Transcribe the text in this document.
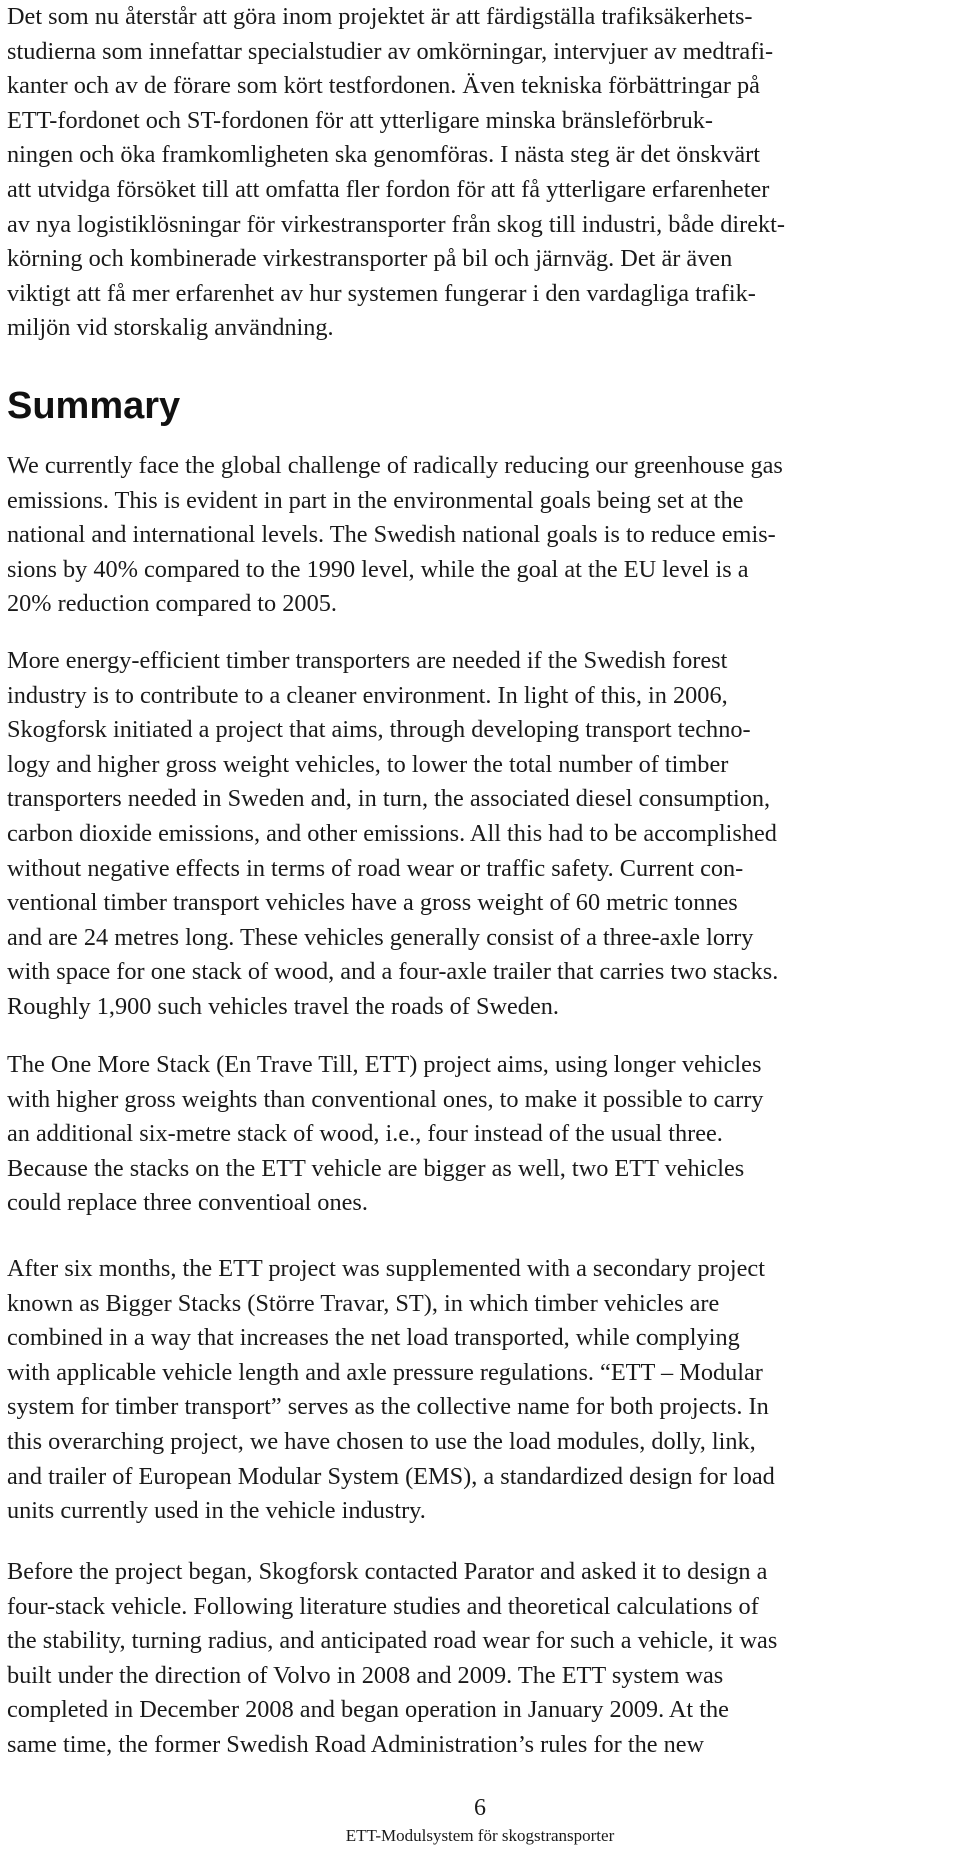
Det som nu återstår att göra inom projektet är att färdigställa trafiksäkerhets-
studierna som innefattar specialstudier av omkörningar, intervjuer av medtrafi-
kanter och av de förare som kört testfordonen. Även tekniska förbättringar på
ETT-fordonet och ST-fordonen för att ytterligare minska bränsleförbruk-
ningen och öka framkomligheten ska genomföras. I nästa steg är det önskvärt
att utvidga försöket till att omfatta fler fordon för att få ytterligare erfarenheter
av nya logistiklösningar för virkestransporter från skog till industri, både direkt-
körning och kombinerade virkestransporter på bil och järnväg. Det är även
viktigt att få mer erfarenhet av hur systemen fungerar i den vardagliga trafik-
miljön vid storskalig användning.
Summary
We currently face the global challenge of radically reducing our greenhouse gas
emissions. This is evident in part in the environmental goals being set at the
national and international levels. The Swedish national goals is to reduce emis-
sions by 40% compared to the 1990 level, while the goal at the EU level is a
20% reduction compared to 2005.
More energy-efficient timber transporters are needed if the Swedish forest
industry is to contribute to a cleaner environment. In light of this, in 2006,
Skogforsk initiated a project that aims, through developing transport techno-
logy and higher gross weight vehicles, to lower the total number of timber
transporters needed in Sweden and, in turn, the associated diesel consumption,
carbon dioxide emissions, and other emissions. All this had to be accomplished
without negative effects in terms of road wear or traffic safety. Current con-
ventional timber transport vehicles have a gross weight of 60 metric tonnes
and are 24 metres long. These vehicles generally consist of a three-axle lorry
with space for one stack of wood, and a four-axle trailer that carries two stacks.
Roughly 1,900 such vehicles travel the roads of Sweden.
The One More Stack (En Trave Till, ETT) project aims, using longer vehicles
with higher gross weights than conventional ones, to make it possible to carry
an additional six-metre stack of wood, i.e., four instead of the usual three.
Because the stacks on the ETT vehicle are bigger as well, two ETT vehicles
could replace three conventioal ones.
After six months, the ETT project was supplemented with a secondary project
known as Bigger Stacks (Större Travar, ST), in which timber vehicles are
combined in a way that increases the net load transported, while complying
with applicable vehicle length and axle pressure regulations. “ETT – Modular
system for timber transport” serves as the collective name for both projects. In
this overarching project, we have chosen to use the load modules, dolly, link,
and trailer of European Modular System (EMS), a standardized design for load
units currently used in the vehicle industry.
Before the project began, Skogforsk contacted Parator and asked it to design a
four-stack vehicle. Following literature studies and theoretical calculations of
the stability, turning radius, and anticipated road wear for such a vehicle, it was
built under the direction of Volvo in 2008 and 2009. The ETT system was
completed in December 2008 and began operation in January 2009. At the
same time, the former Swedish Road Administration’s rules for the new
6
ETT-Modulsystem för skogstransporter
